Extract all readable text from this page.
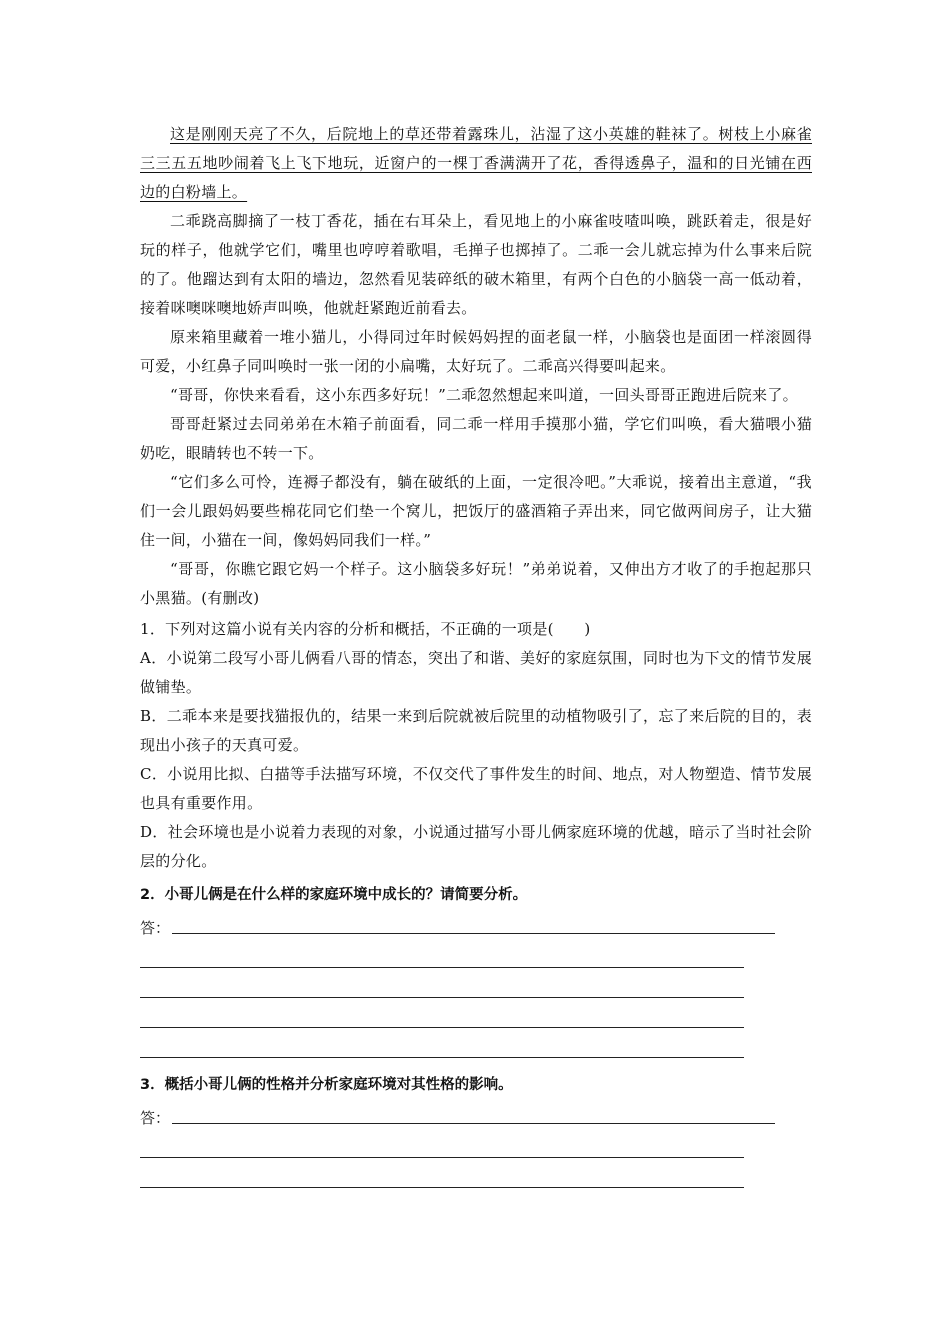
这是刚刚天亮了不久，后院地上的草还带着露珠儿，沾湿了这小英雄的鞋袜了。树枝上小麻雀三三五五地吵闹着飞上飞下地玩，近窗户的一棵丁香满满开了花，香得透鼻子，温和的日光铺在西边的白粉墙上。

二乖跷高脚摘了一枝丁香花，插在右耳朵上，看见地上的小麻雀吱喳叫唤，跳跃着走，很是好玩的样子，他就学它们，嘴里也哼哼着歌唱，毛掸子也掷掉了。二乖一会儿就忘掉为什么事来后院的了。他蹓达到有太阳的墙边，忽然看见装碎纸的破木箱里，有两个白色的小脑袋一高一低动着，接着咪噢咪噢地娇声叫唤，他就赶紧跑近前看去。

原来箱里藏着一堆小猫儿，小得同过年时候妈妈捏的面老鼠一样，小脑袋也是面团一样滚圆得可爱，小红鼻子同叫唤时一张一闭的小扁嘴，太好玩了。二乖高兴得要叫起来。

“哥哥，你快来看看，这小东西多好玩！”二乖忽然想起来叫道，一回头哥哥正跑进后院来了。

哥哥赶紧过去同弟弟在木箱子前面看，同二乖一样用手摸那小猫，学它们叫唤，看大猫喂小猫奶吃，眼睛转也不转一下。

“它们多么可怜，连褥子都没有，躺在破纸的上面，一定很冷吧。”大乖说，接着出主意道，“我们一会儿跟妈妈要些棉花同它们垫一个窝儿，把饭厅的盛酒箱子弄出来，同它做两间房子，让大猫住一间，小猫在一间，像妈妈同我们一样。”

“哥哥，你瞧它跟它妈一个样子。这小脑袋多好玩！”弟弟说着，又伸出方才收了的手抱起那只小黑猫。(有删改)

1．下列对这篇小说有关内容的分析和概括，不正确的一项是(　　)

A．小说第二段写小哥儿俩看八哥的情态，突出了和谐、美好的家庭氛围，同时也为下文的情节发展做铺垫。

B．二乖本来是要找猫报仇的，结果一来到后院就被后院里的动植物吸引了，忘了来后院的目的，表现出小孩子的天真可爱。

C．小说用比拟、白描等手法描写环境，不仅交代了事件发生的时间、地点，对人物塑造、情节发展也具有重要作用。

D．社会环境也是小说着力表现的对象，小说通过描写小哥儿俩家庭环境的优越，暗示了当时社会阶层的分化。

2．小哥儿俩是在什么样的家庭环境中成长的？请简要分析。

答：

3．概括小哥儿俩的性格并分析家庭环境对其性格的影响。

答：
